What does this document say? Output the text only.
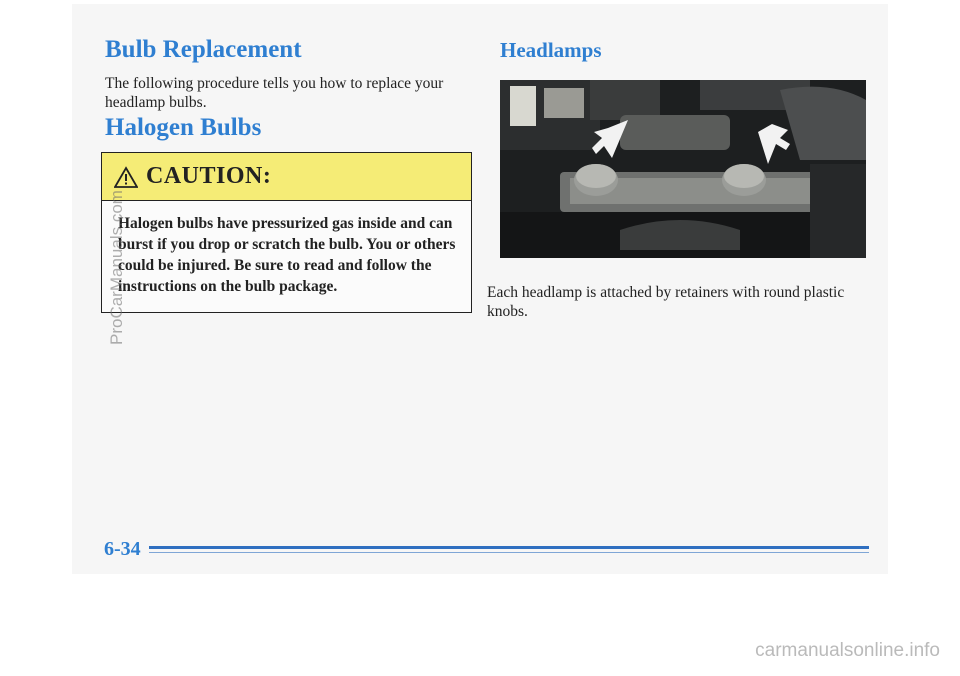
Bulb Replacement

The following procedure tells you how to replace your headlamp bulbs.

Halogen Bulbs
CAUTION:

Halogen bulbs have pressurized gas inside and can burst if you drop or scratch the bulb. You or others could be injured. Be sure to read and follow the instructions on the bulb package.

Headlamps

Each headlamp is attached by retainers with round plastic knobs.

6-34

ProCarManuals.com
carmanualsonline.info
